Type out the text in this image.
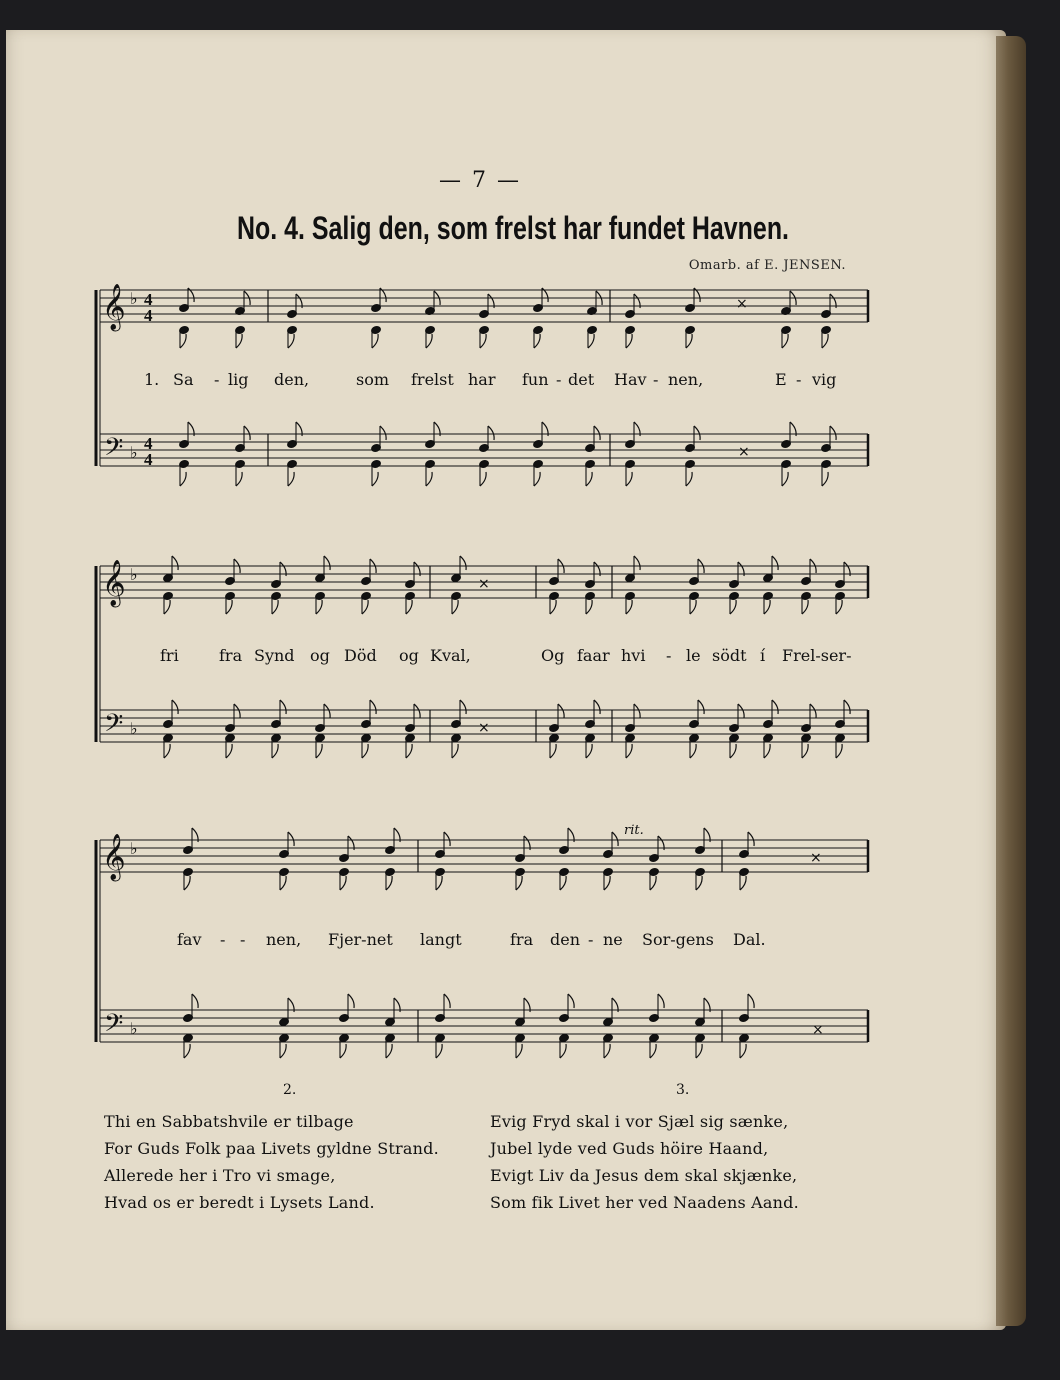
— 7 —
No. 4. Salig den, som frelst har fundet Havnen.
Omarb. af E. JENSEN.
𝄞
𝄢
♭
♭
4
4
4
4
𝄞
𝄢
♭
♭
𝄞
𝄢
♭
♭
×
×
×
×
×
×
rit.
1. Sa - lig den,	som frelst har fun - det Hav - nen,	E - vig
fri	fra Synd og Död og Kval,	Og faar hvi - le södt í Frel-ser-
fav - - nen, Fjer-net langt	fra den - ne Sor-gens Dal.
2.	3.
Thi en Sabbatshvile er tilbage
For Guds Folk paa Livets gyldne Strand.
Allerede her i Tro vi smage,
Hvad os er beredt i Lysets Land.
Evig Fryd skal i vor Sjæl sig sænke,
Jubel lyde ved Guds höire Haand,
Evigt Liv da Jesus dem skal skjænke,
Som fik Livet her ved Naadens Aand.
